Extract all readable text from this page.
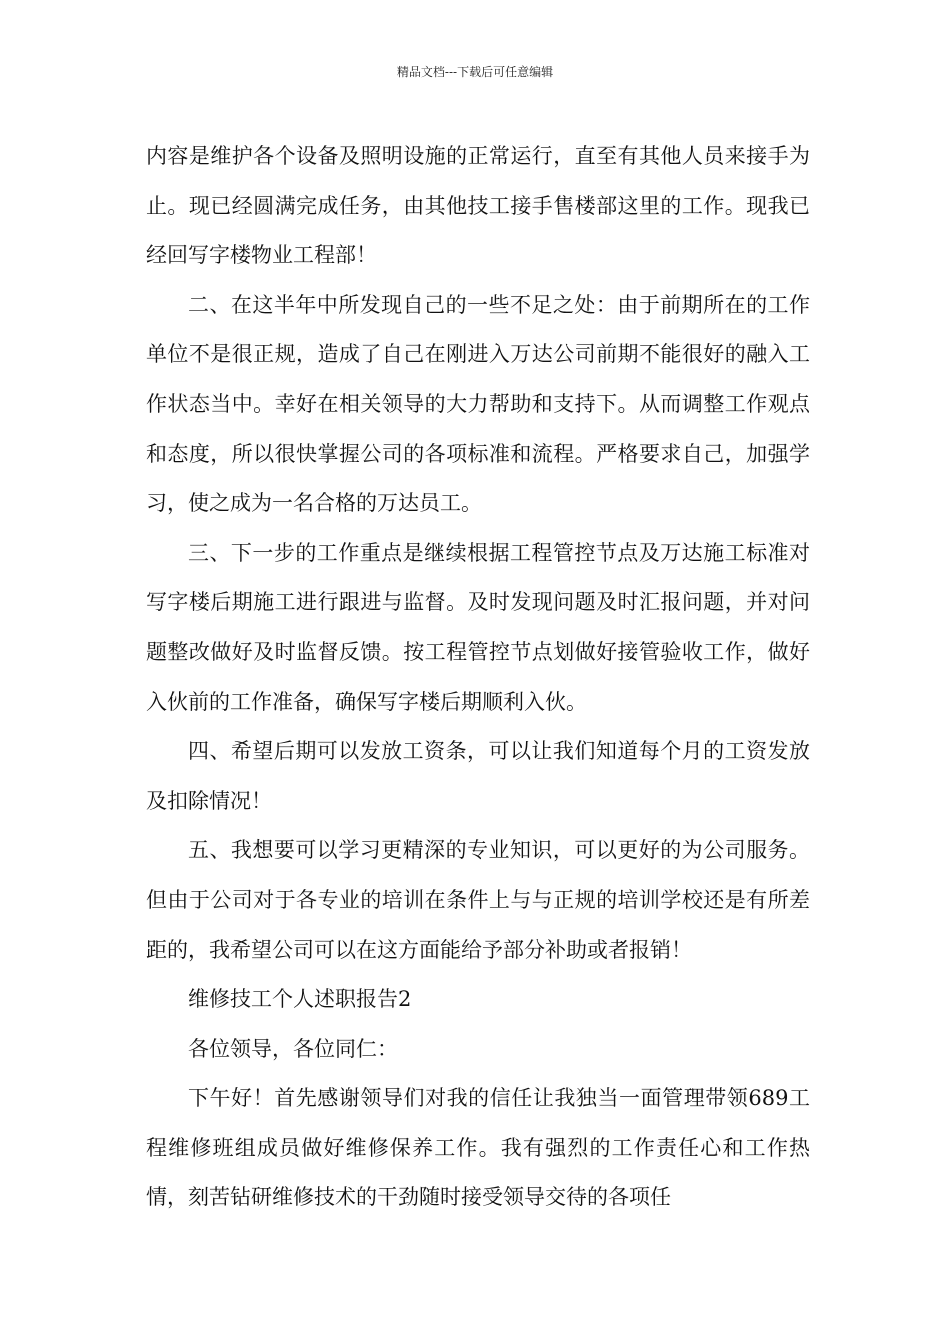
精品文档---下载后可任意编辑

内容是维护各个设备及照明设施的正常运行，直至有其他人员来接手为止。现已经圆满完成任务，由其他技工接手售楼部这里的工作。现我已经回写字楼物业工程部！

二、在这半年中所发现自己的一些不足之处：由于前期所在的工作单位不是很正规，造成了自己在刚进入万达公司前期不能很好的融入工作状态当中。幸好在相关领导的大力帮助和支持下。从而调整工作观点和态度，所以很快掌握公司的各项标准和流程。严格要求自己，加强学习，使之成为一名合格的万达员工。

三、下一步的工作重点是继续根据工程管控节点及万达施工标准对写字楼后期施工进行跟进与监督。及时发现问题及时汇报问题，并对问题整改做好及时监督反馈。按工程管控节点划做好接管验收工作，做好入伙前的工作准备，确保写字楼后期顺利入伙。

四、希望后期可以发放工资条，可以让我们知道每个月的工资发放及扣除情况！

五、我想要可以学习更精深的专业知识，可以更好的为公司服务。但由于公司对于各专业的培训在条件上与与正规的培训学校还是有所差距的，我希望公司可以在这方面能给予部分补助或者报销！

维修技工个人述职报告2

各位领导，各位同仁：

下午好！首先感谢领导们对我的信任让我独当一面管理带领689工程维修班组成员做好维修保养工作。我有强烈的工作责任心和工作热情，刻苦钻研维修技术的干劲随时接受领导交待的各项任
